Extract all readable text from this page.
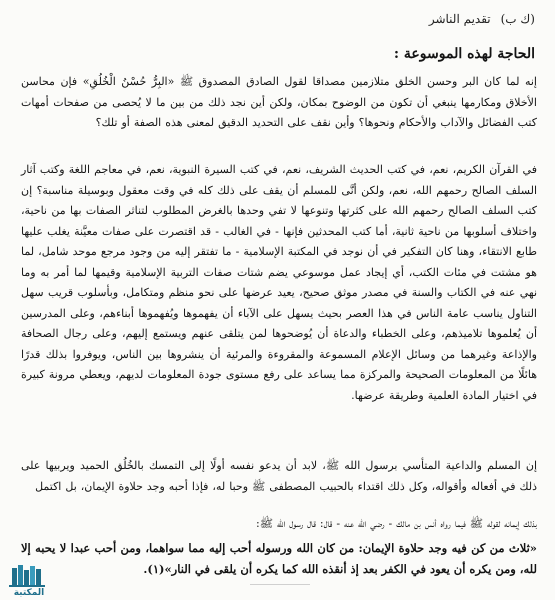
(ك ب)
تقديم الناشر
الحاجة لهذه الموسوعة :
إنه لما كان البر وحسن الخلق متلازمين مصداقا لقول الصادق المصدوق ﷺ «البِرُّ حُسْنُ الْخُلُقِ» فإن محاسن الأخلاق ومكارمها ينبغي أن تكون من الوضوح بمكان، ولكن أين نجد ذلك من بين ما لا يُحصى من صفحات أمهات كتب الفضائل والآداب والأحكام ونحوها؟ وأين نقف على التحديد الدقيق لمعنى هذه الصفة أو تلك؟
في القرآن الكريم، نعم، في كتب الحديث الشريف، نعم، في كتب السيرة النبوية، نعم، في معاجم اللغة وكتب آثار السلف الصالح رحمهم الله، نعم، ولكن أنَّى للمسلم أن يقف على ذلك كله في وقت معقول وبوسيلة مناسبة؟ إن كتب السلف الصالح رحمهم الله على كثرتها وتنوعها لا تفي وحدها بالغرض المطلوب لتناثر الصفات بها من ناحية، واختلاف أسلوبها من ناحية ثانية، أما كتب المحدثين فإنها - في الغالب - قد اقتصرت على صفات معيَّنة يغلب عليها طابع الانتقاء، وهنا كان التفكير في أن نوجد في المكتبة الإسلامية - ما تفتقر إليه من وجود مرجع موحد شامل، لما هو مشتت في مئات الكتب، أي إيجاد عمل موسوعي يضم شتات صفات التربية الإسلامية وقيمها لما أمر به وما نهي عنه في الكتاب والسنة في مصدر موثق صحيح، يعيد عرضها على نحو منظم ومتكامل، وبأسلوب قريب سهل التناول يناسب عامة الناس في هذا العصر بحيث يسهل على الآباء أن يفهموها ويُفهموها أبناءهم، وعلى المدرسين أن يُعلموها تلاميذهم، وعلى الخطباء والدعاة أن يُوضحوها لمن يتلقى عنهم ويستمع إليهم، وعلى رجال الصحافة والإذاعة وغيرهما من وسائل الإعلام المسموعة والمقروءة والمرئية أن ينشروها بين الناس، ويوفروا بذلك قدرًا هائلًا من المعلومات الصحيحة والمركزة مما يساعد على رفع مستوى جودة المعلومات لديهم، ويعطي مرونة كبيرة في اختيار المادة العلمية وطريقة عرضها.
إن المسلم والداعية المتأسي برسول الله ﷺ، لابد أن يدعو نفسه أولًا إلى التمسك بالخُلُق الحميد ويربيها على ذلك في أفعاله وأقواله، وكل ذلك اقتداء بالحبيب المصطفى ﷺ وحبا له، فإذا أحبه وجد حلاوة الإيمان، بل اكتمل
بذلك إيمانه لقوله ﷺ فيما رواه أنس بن مالك - رضي الله عنه - قال: قال رسول الله ﷺ:
«ثلاث من كن فيه وجد حلاوة الإيمان: من كان الله ورسوله أحب إليه مما سواهما، ومن أحب عبدا لا يحبه إلا لله، ومن يكره أن يعود في الكفر بعد إذ أنقذه الله كما يكره أن يلقى في النار»(١).
المكتبة
